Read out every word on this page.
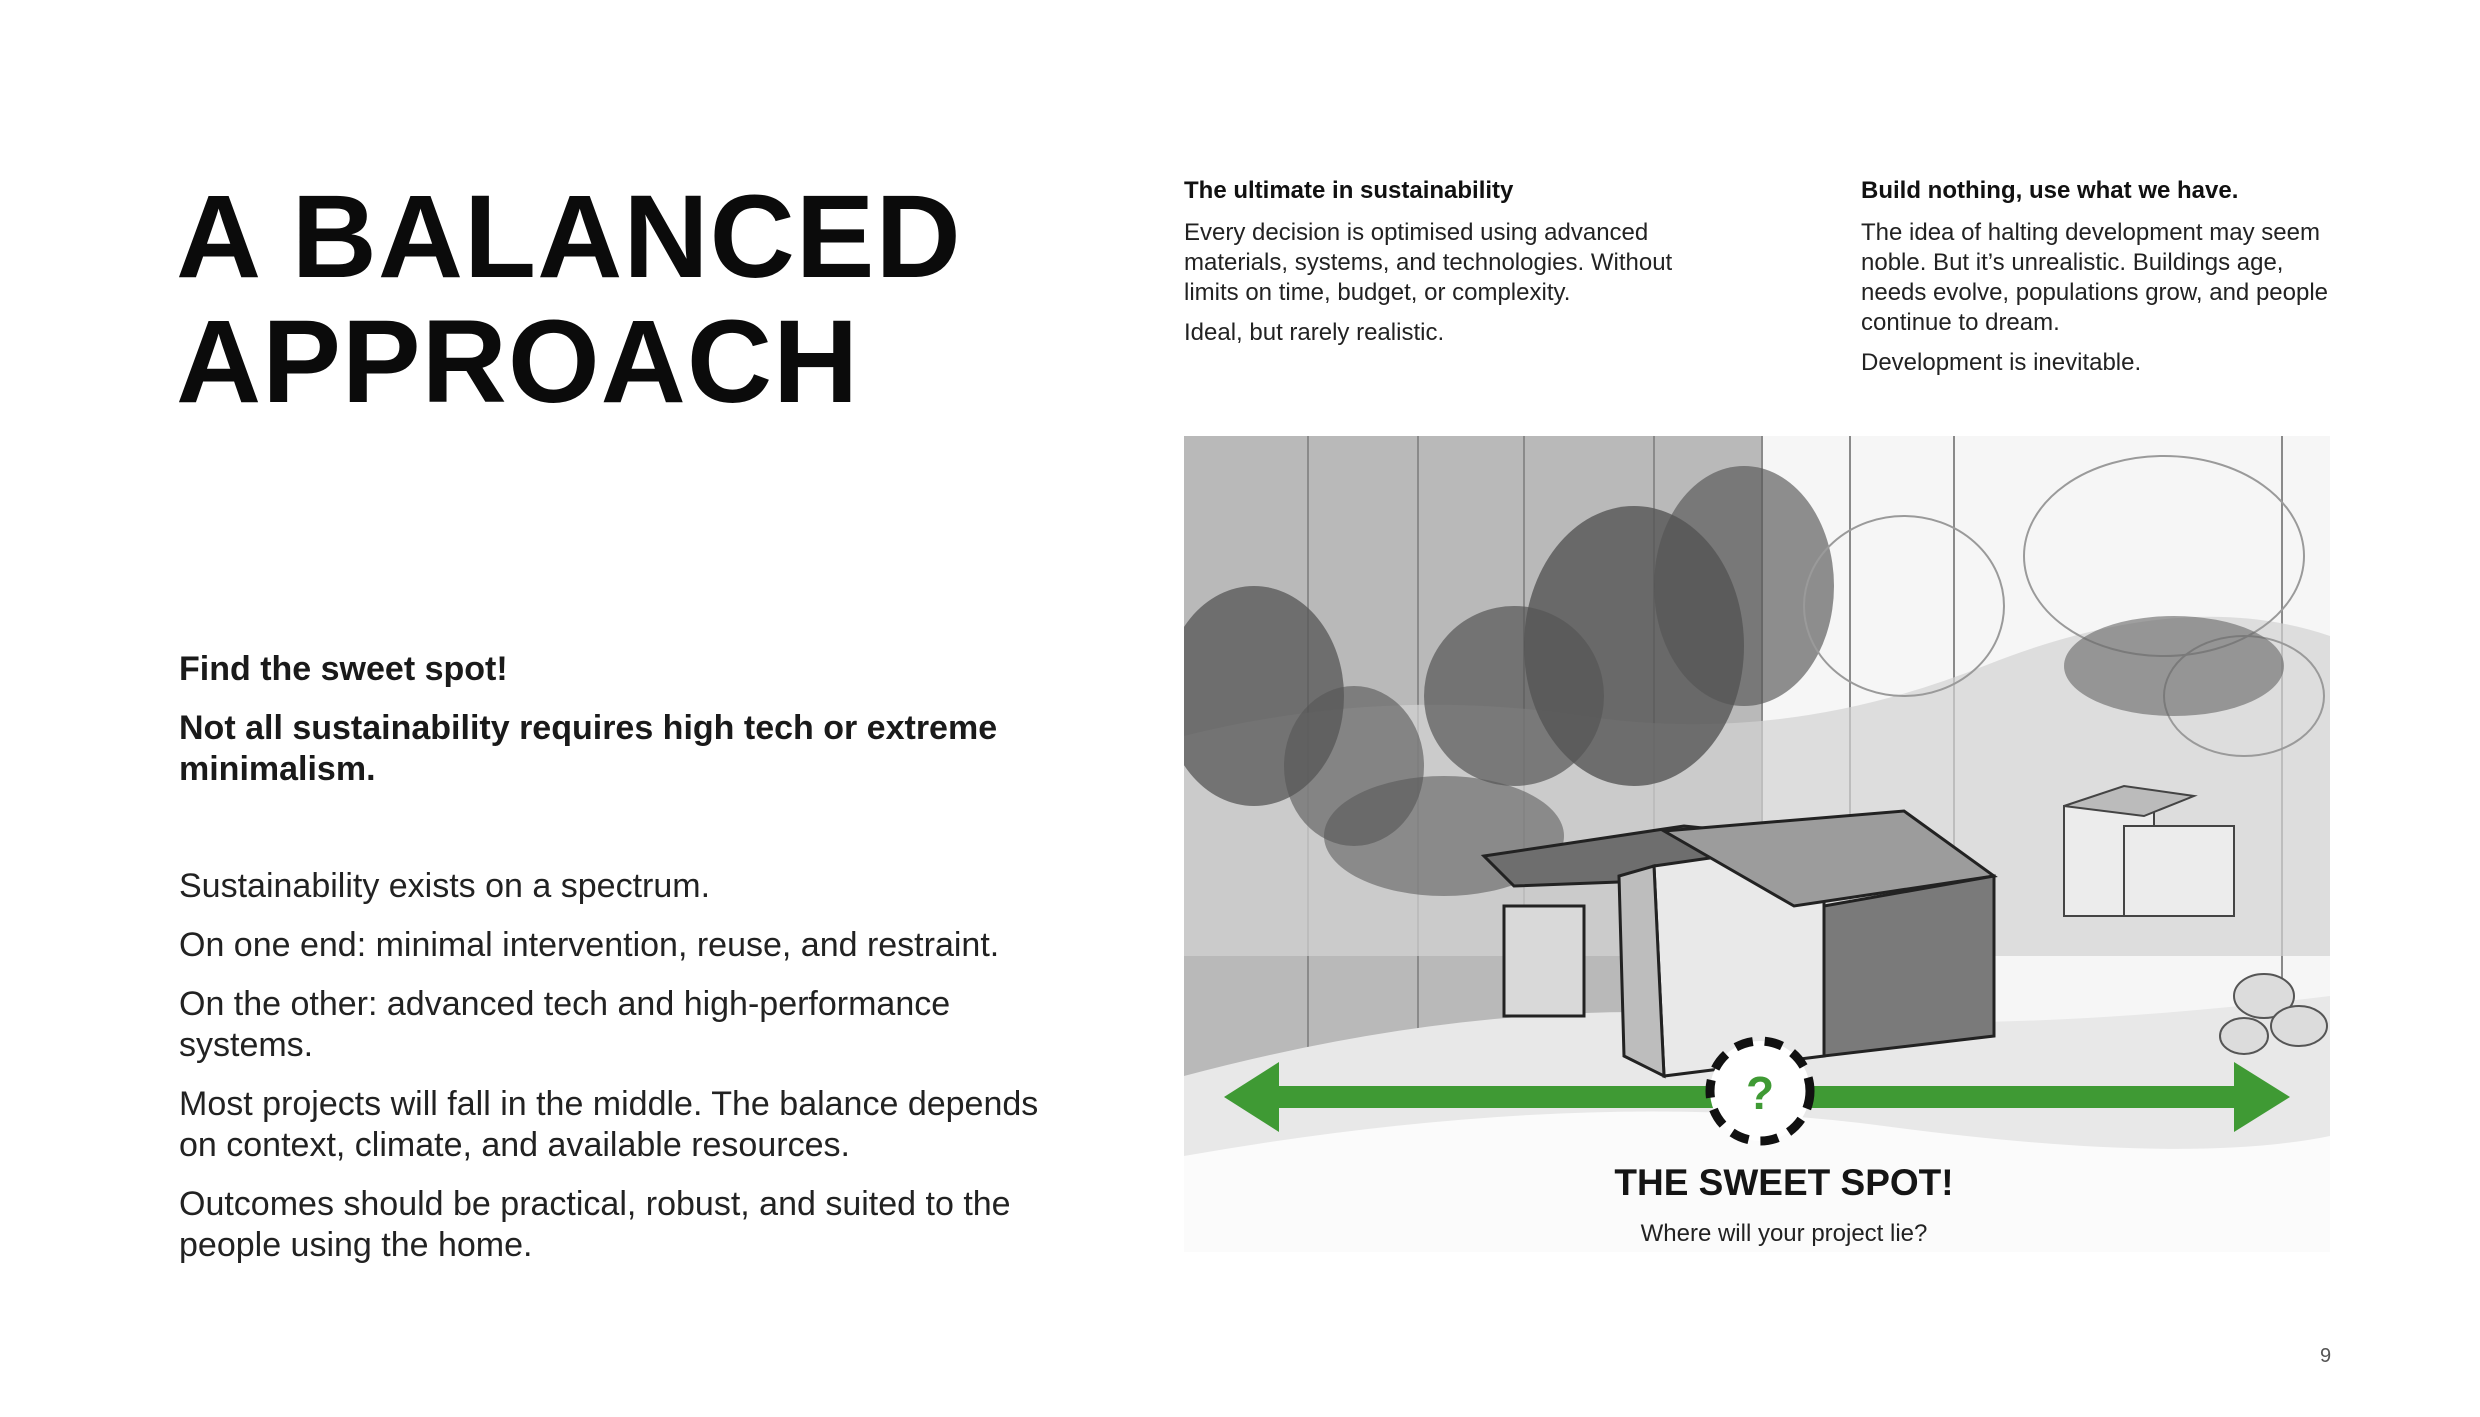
A BALANCED
APPROACH
Find the sweet spot!
Not all sustainability requires high tech or extreme minimalism.

Sustainability exists on a spectrum.

On one end: minimal intervention, reuse, and restraint.

On the other: advanced tech and high-performance systems.

Most projects will fall in the middle. The balance depends on context, climate, and available resources.

Outcomes should be practical, robust, and suited to the people using the home.

The ultimate in sustainability

Every decision is optimised using advanced materials, systems, and technologies. Without limits on time, budget, or complexity.

Ideal, but rarely realistic.

Build nothing, use what we have.

The idea of halting development may seem noble. But it’s unrealistic. Buildings age, needs evolve, populations grow, and people continue to dream.

Development is inevitable.

?
THE SWEET SPOT!
Where will your project lie?
9
